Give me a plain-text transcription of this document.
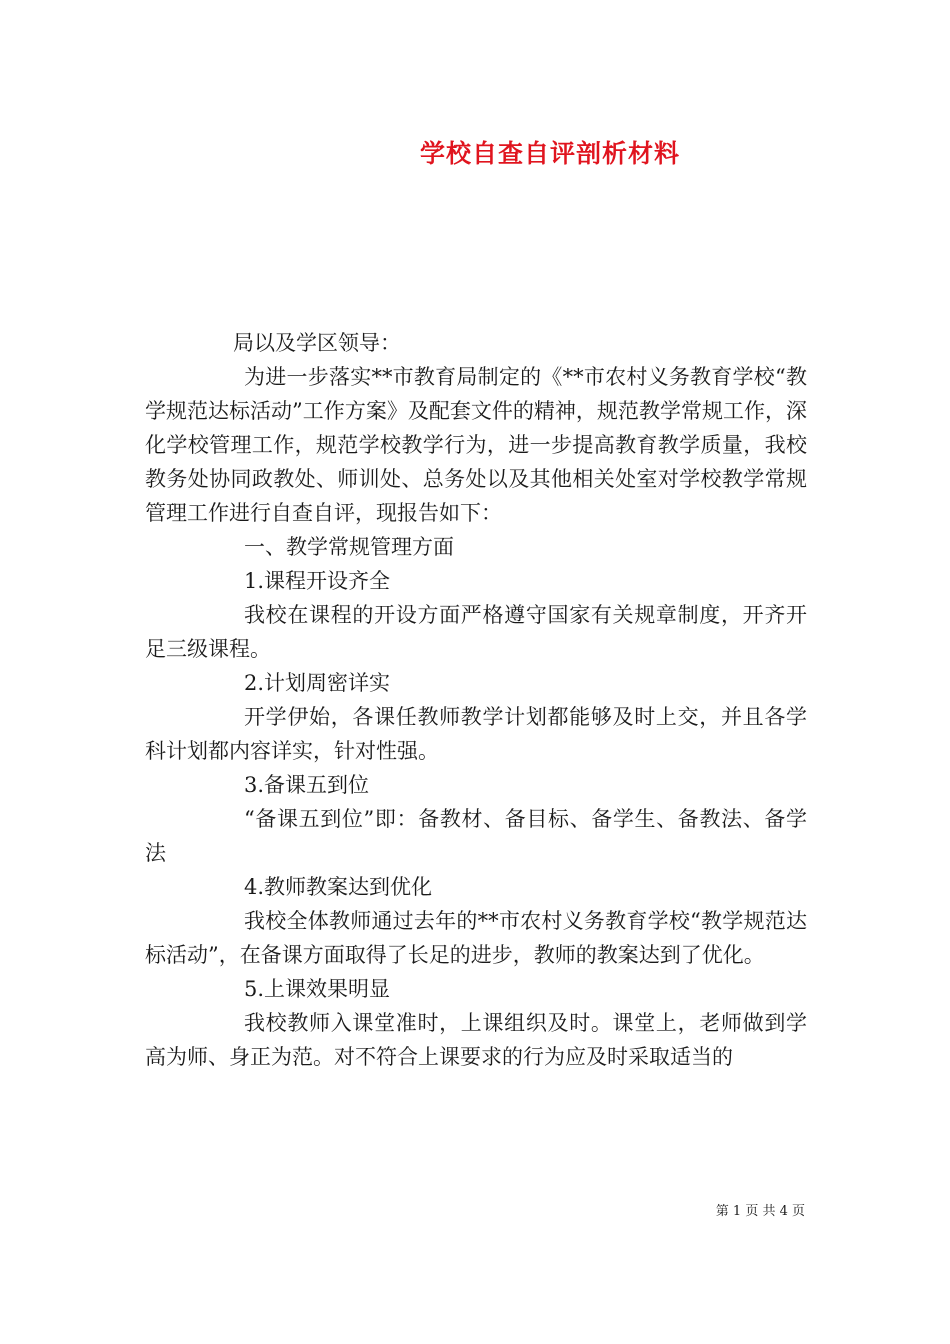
学校自查自评剖析材料

局以及学区领导：

为进一步落实**市教育局制定的《**市农村义务教育学校“教学规范达标活动”工作方案》及配套文件的精神，规范教学常规工作，深化学校管理工作，规范学校教学行为，进一步提高教育教学质量，我校教务处协同政教处、师训处、总务处以及其他相关处室对学校教学常规管理工作进行自查自评，现报告如下：

一、教学常规管理方面

1.课程开设齐全

我校在课程的开设方面严格遵守国家有关规章制度，开齐开足三级课程。

2.计划周密详实

开学伊始，各课任教师教学计划都能够及时上交，并且各学科计划都内容详实，针对性强。

3.备课五到位

“备课五到位”即：备教材、备目标、备学生、备教法、备学法

4.教师教案达到优化

我校全体教师通过去年的**市农村义务教育学校“教学规范达标活动”，在备课方面取得了长足的进步，教师的教案达到了优化。

5.上课效果明显

我校教师入课堂准时，上课组织及时。课堂上，老师做到学高为师、身正为范。对不符合上课要求的行为应及时采取适当的

第 1 页 共 4 页
